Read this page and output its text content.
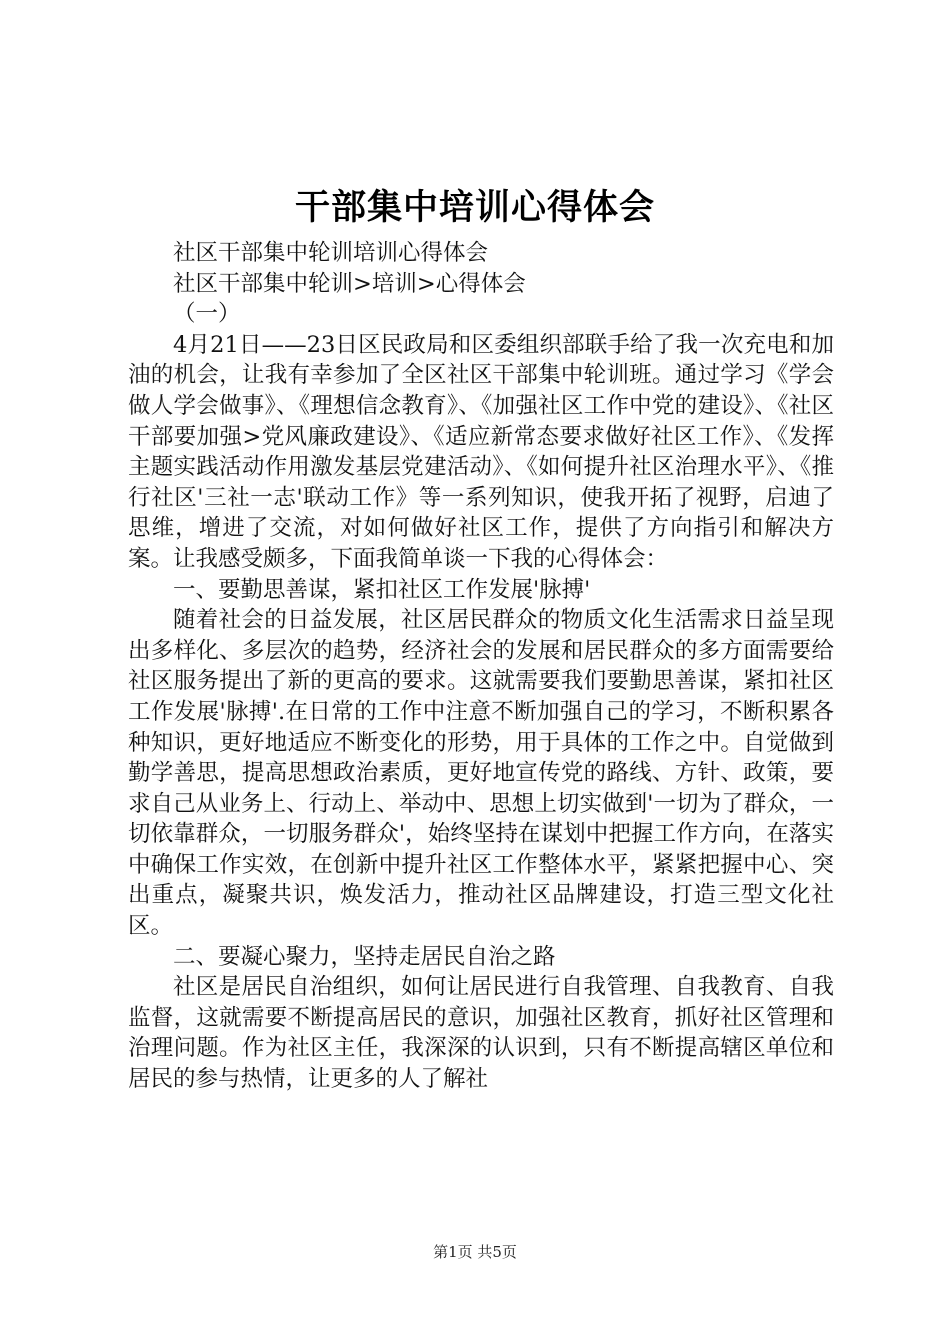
干部集中培训心得体会

社区干部集中轮训培训心得体会

社区干部集中轮训>培训>心得体会

（一）

4月21日——23日区民政局和区委组织部联手给了我一次充电和加油的机会，让我有幸参加了全区社区干部集中轮训班。通过学习《学会做人学会做事》、《理想信念教育》、《加强社区工作中党的建设》、《社区干部要加强>党风廉政建设》、《适应新常态要求做好社区工作》、《发挥主题实践活动作用激发基层党建活动》、《如何提升社区治理水平》、《推行社区'三社一志'联动工作》等一系列知识，使我开拓了视野，启迪了思维，增进了交流，对如何做好社区工作，提供了方向指引和解决方案。让我感受颇多，下面我简单谈一下我的心得体会：

一、要勤思善谋，紧扣社区工作发展'脉搏'

随着社会的日益发展，社区居民群众的物质文化生活需求日益呈现出多样化、多层次的趋势，经济社会的发展和居民群众的多方面需要给社区服务提出了新的更高的要求。这就需要我们要勤思善谋，紧扣社区工作发展'脉搏'.在日常的工作中注意不断加强自己的学习，不断积累各种知识，更好地适应不断变化的形势，用于具体的工作之中。自觉做到勤学善思，提高思想政治素质，更好地宣传党的路线、方针、政策，要求自己从业务上、行动上、举动中、思想上切实做到'一切为了群众，一切依靠群众，一切服务群众'，始终坚持在谋划中把握工作方向，在落实中确保工作实效，在创新中提升社区工作整体水平，紧紧把握中心、突出重点，凝聚共识，焕发活力，推动社区品牌建设，打造三型文化社区。

二、要凝心聚力，坚持走居民自治之路

社区是居民自治组织，如何让居民进行自我管理、自我教育、自我监督，这就需要不断提高居民的意识，加强社区教育，抓好社区管理和治理问题。作为社区主任，我深深的认识到，只有不断提高辖区单位和居民的参与热情，让更多的人了解社

第1页 共5页
